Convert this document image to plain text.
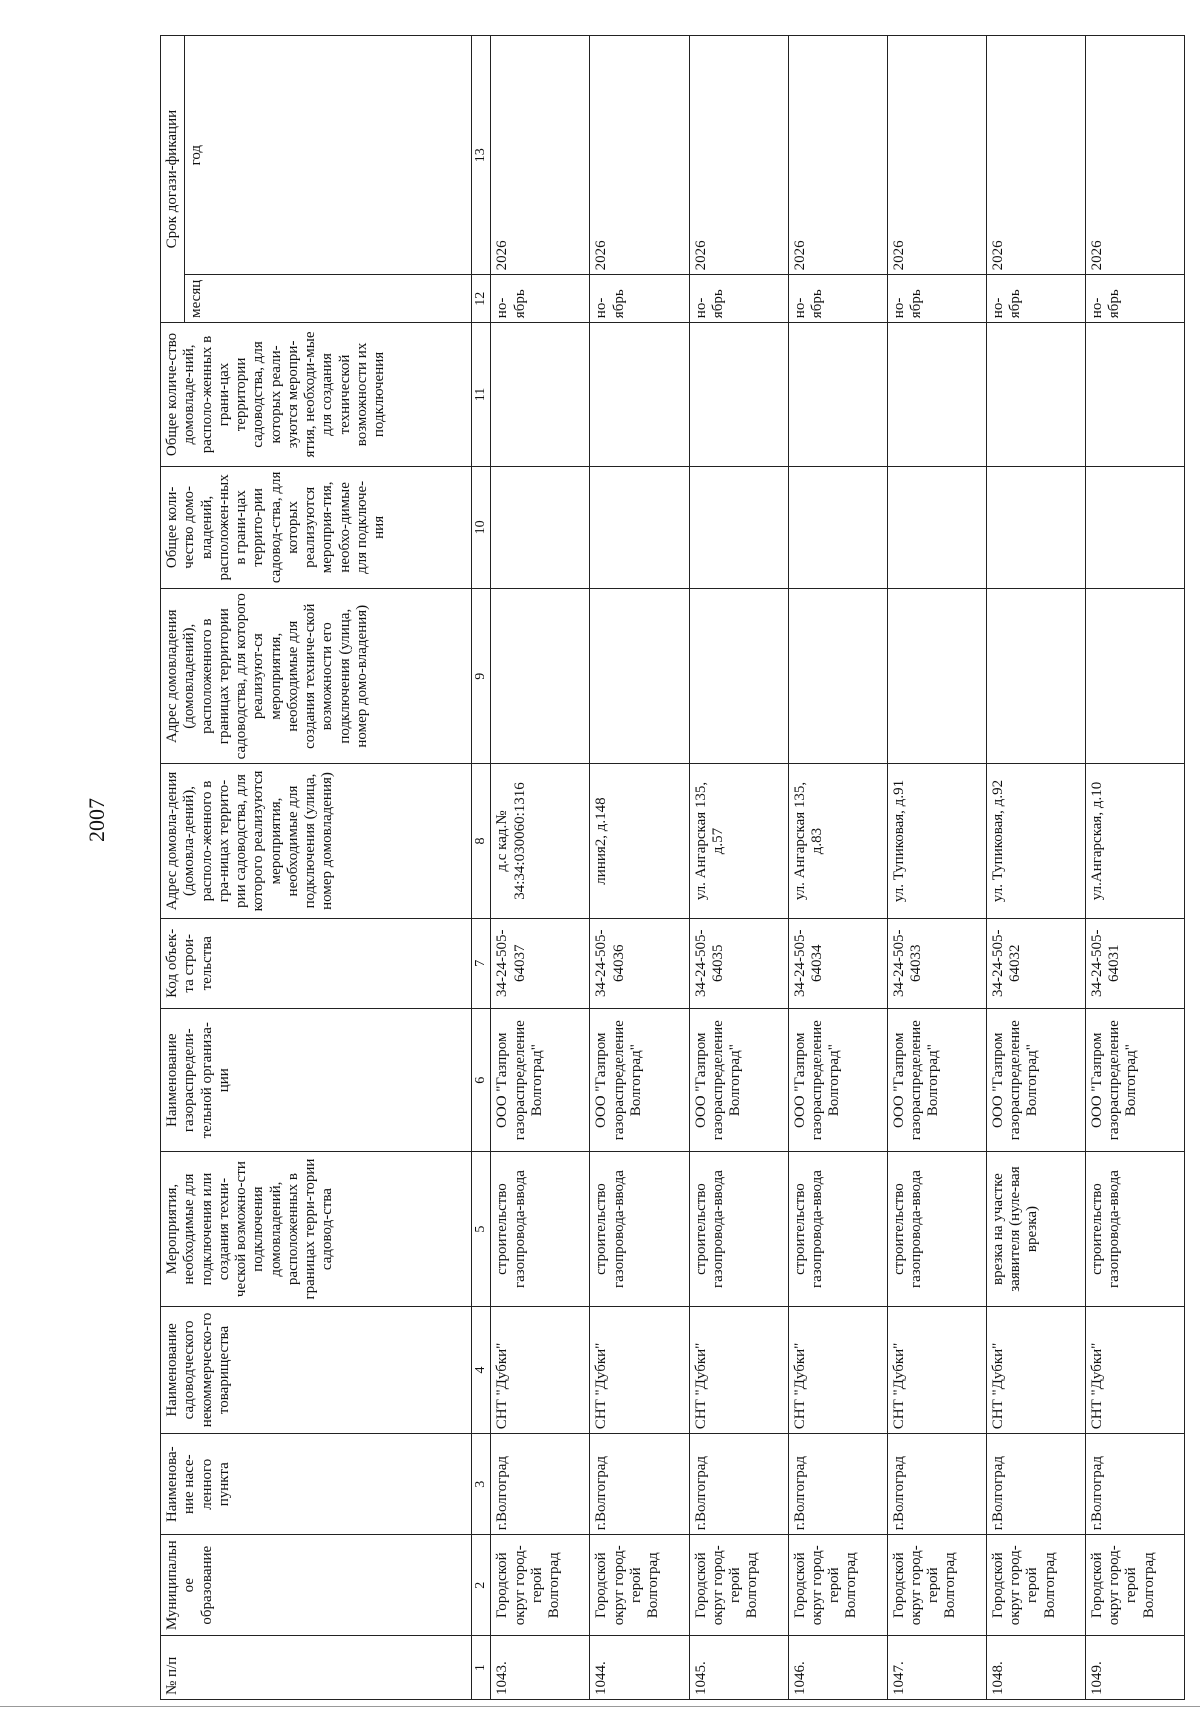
2007
№ п/п	Муниципальное образование	Наименова-ние насе-ленного пункта	Наименование садоводческого некоммерческо-го товарищества	Мероприятия, необходимые для подключения или создания техни-ческой возможно-сти подключения домовладений, расположенных в границах терри-тории садовод-ства	Наименование газораспредели-тельной организа-ции	Код объек-та строи-тельства	Адрес домовла-дения (домовла-дений), располо-женного в гра-ницах террито-рии садоводства, для которого реализуются мероприятия, необходимые для подключения (улица, номер домовладения)	Адрес домовладения (домовладений), расположенного в границах территории садоводства, для которого реализуют-ся мероприятия, необходимые для создания техниче-ской возможности его подключения (улица, номер домо-владения)	Общее коли-чество домо-владений, расположен-ных в грани-цах террито-рии садовод-ства, для которых реализуются мероприя-тия, необхо-димые для подключе-ния	Общее количе-ство домовладе-ний, располо-женных в грани-цах территории садоводства, для которых реали-зуются меропри-ятия, необходи-мые для создания технической возможности их подключения	Срок догази-фикации	
											месяц	год
1	2	3	4	5	6	7	8	9	10	11	12	13
1043.	Городской округ город-герой Волгоград	г.Волгоград	СНТ "Дубки"	строительство газопровода-ввода	ООО "Газпром газораспределение Волгоград"	34-24-505-64037	д.с кад.№ 34:34:030060:1316				но-ябрь	2026
1044.	Городской округ город-герой Волгоград	г.Волгоград	СНТ "Дубки"	строительство газопровода-ввода	ООО "Газпром газораспределение Волгоград"	34-24-505-64036	линия2, д.148				но-ябрь	2026
1045.	Городской округ город-герой Волгоград	г.Волгоград	СНТ "Дубки"	строительство газопровода-ввода	ООО "Газпром газораспределение Волгоград"	34-24-505-64035	ул. Ангарская 135, д.57				но-ябрь	2026
1046.	Городской округ город-герой Волгоград	г.Волгоград	СНТ "Дубки"	строительство газопровода-ввода	ООО "Газпром газораспределение Волгоград"	34-24-505-64034	ул. Ангарская 135, д.83				но-ябрь	2026
1047.	Городской округ город-герой Волгоград	г.Волгоград	СНТ "Дубки"	строительство газопровода-ввода	ООО "Газпром газораспределение Волгоград"	34-24-505-64033	ул. Тупиковая, д.91				но-ябрь	2026
1048.	Городской округ город-герой Волгоград	г.Волгоград	СНТ "Дубки"	врезка на участке заявителя (нуле-вая врезка)	ООО "Газпром газораспределение Волгоград"	34-24-505-64032	ул. Тупиковая, д.92				но-ябрь	2026
1049.	Городской округ город-герой Волгоград	г.Волгоград	СНТ "Дубки"	строительство газопровода-ввода	ООО "Газпром газораспределение Волгоград"	34-24-505-64031	ул.Ангарская, д.10				но-ябрь	2026
